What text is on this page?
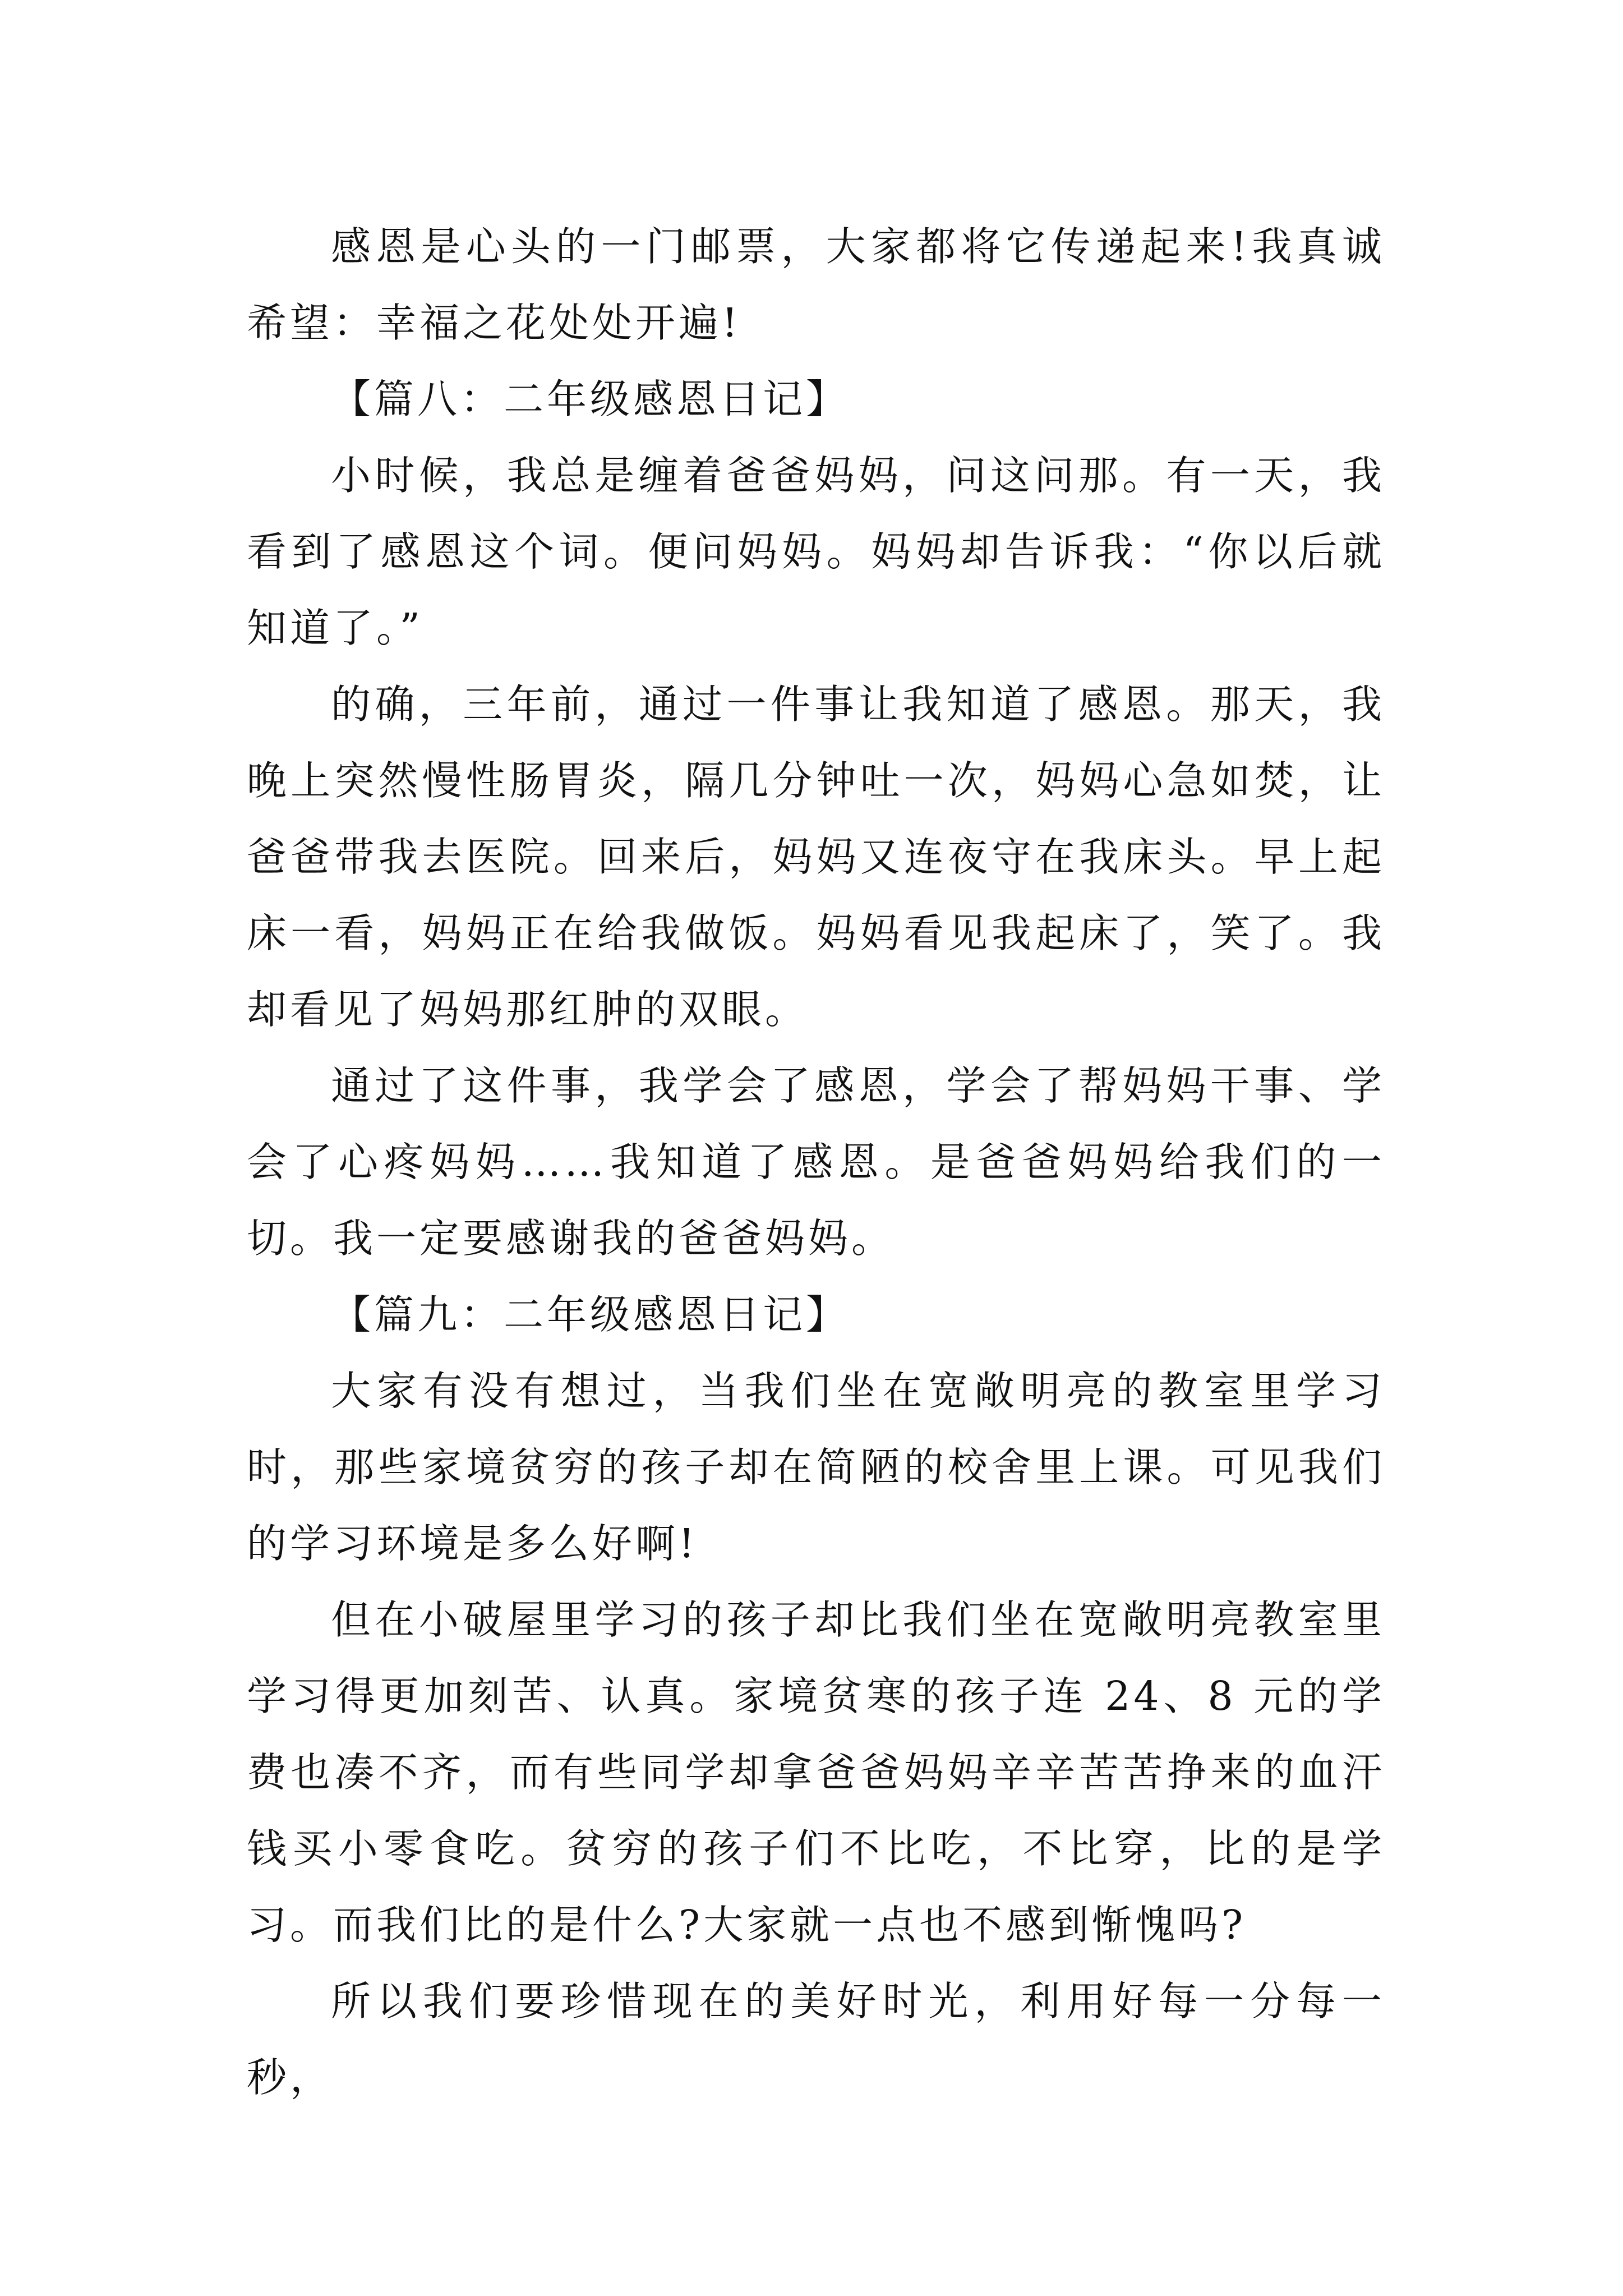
感恩是心头的一门邮票，大家都将它传递起来!我真诚希望：幸福之花处处开遍!

【篇八：二年级感恩日记】

小时候，我总是缠着爸爸妈妈，问这问那。有一天，我看到了感恩这个词。便问妈妈。妈妈却告诉我：“你以后就知道了。”

的确，三年前，通过一件事让我知道了感恩。那天，我晚上突然慢性肠胃炎，隔几分钟吐一次，妈妈心急如焚，让爸爸带我去医院。回来后，妈妈又连夜守在我床头。早上起床一看，妈妈正在给我做饭。妈妈看见我起床了，笑了。我却看见了妈妈那红肿的双眼。

通过了这件事，我学会了感恩，学会了帮妈妈干事、学会了心疼妈妈……我知道了感恩。是爸爸妈妈给我们的一切。我一定要感谢我的爸爸妈妈。

【篇九：二年级感恩日记】

大家有没有想过，当我们坐在宽敞明亮的教室里学习时，那些家境贫穷的孩子却在简陋的校舍里上课。可见我们的学习环境是多么好啊!

但在小破屋里学习的孩子却比我们坐在宽敞明亮教室里学习得更加刻苦、认真。家境贫寒的孩子连 24、8 元的学费也凑不齐，而有些同学却拿爸爸妈妈辛辛苦苦挣来的血汗钱买小零食吃。贫穷的孩子们不比吃，不比穿，比的是学习。而我们比的是什么?大家就一点也不感到惭愧吗?

所以我们要珍惜现在的美好时光，利用好每一分每一秒，
